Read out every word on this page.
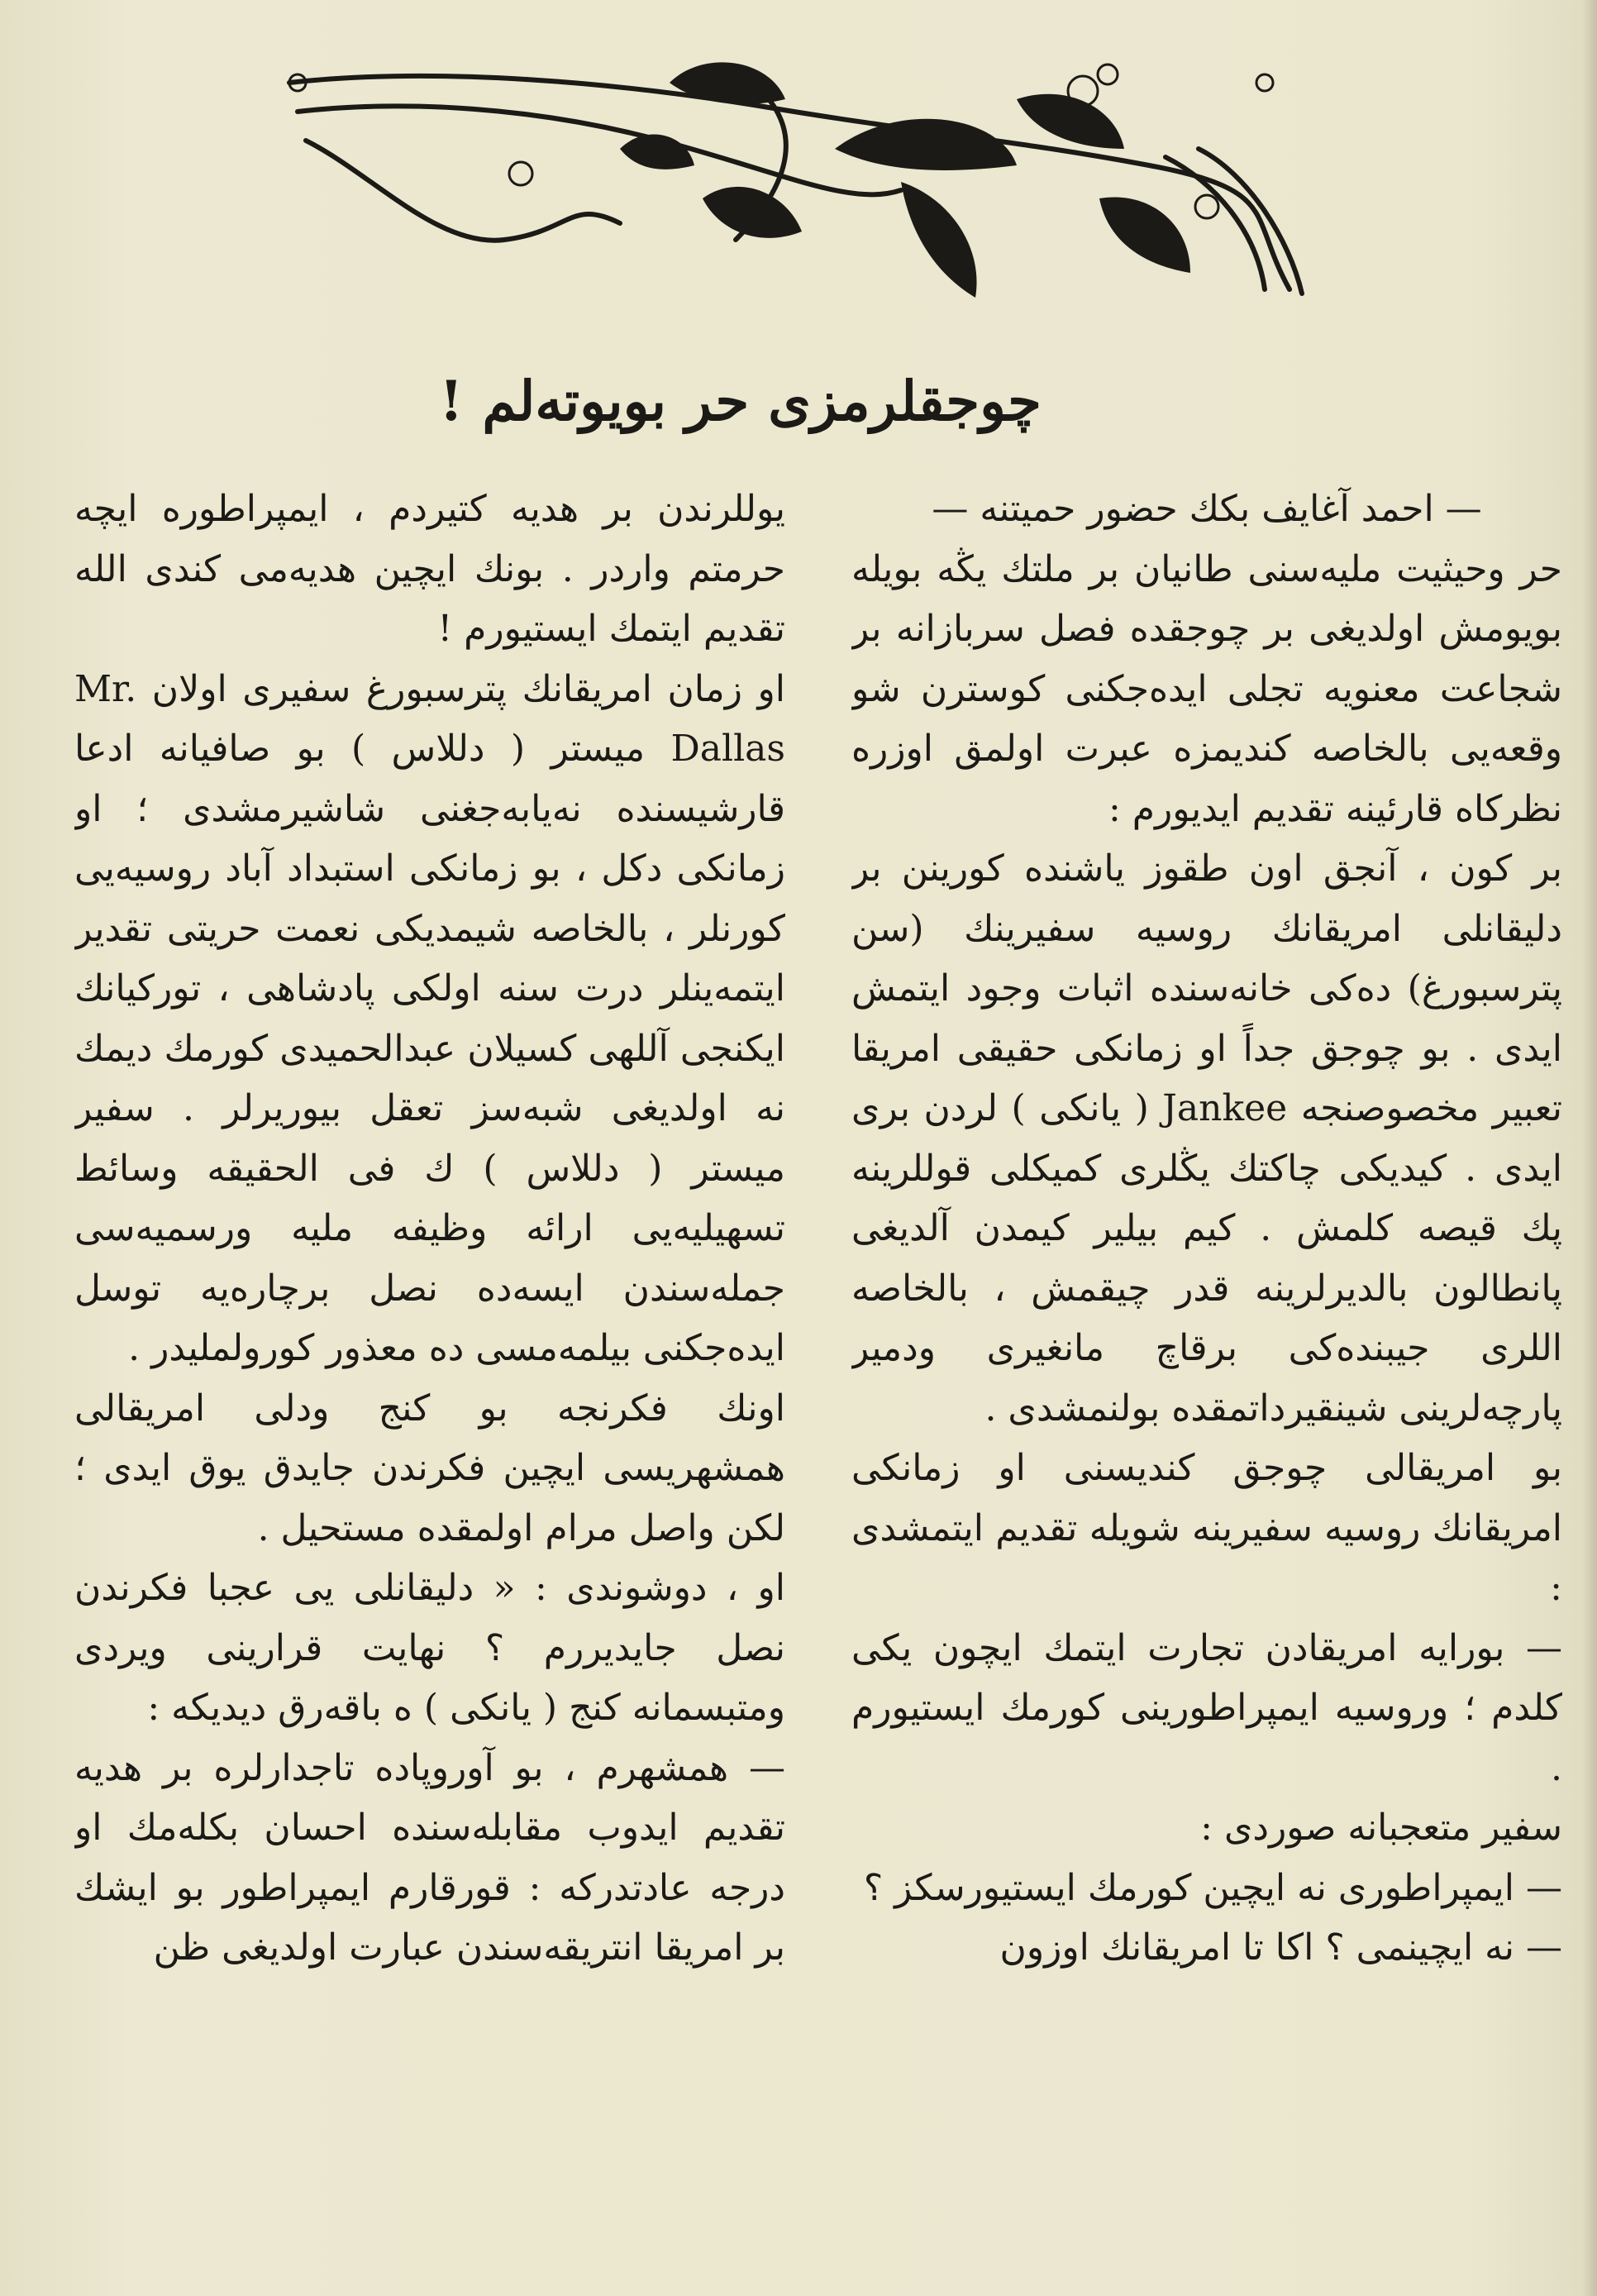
چوجقلرمزى حر بويوته‌لم !

— احمد آغايف بكك حضور حميتنه —

حر وحيثيت مليه‌سنى طانيان بر ملتك يڭه بويله بويومش اولديغى بر چوجقده فصل سربازانه بر شجاعت معنويه تجلى ايده‌جكنى كوسترن شو وقعه‌يى بالخاصه كنديمزه عبرت اولمق اوزره نظركاه قارئينه تقديم ايديورم :

بر كون ، آنجق اون طقوز ياشنده كورينن بر دليقانلى امريقانك روسيه سفيرينك (سن پترسبورغ) ده‌كى خانه‌سنده اثبات وجود ايتمش ايدى . بو چوجق جداً او زمانكى حقيقى امريقا تعبير مخصوصنجه Jankee ( يانكى ) لردن برى ايدى . كيديكى چاكتك يڭلرى كميكلى قوللرينه پك قيصه كلمش . كيم بيلير كيمدن آلديغى پانطالون بالديرلرينه قدر چيقمش ، بالخاصه اللرى جيبنده‌كى برقاچ مانغيرى ودمير پارچه‌لرينى شينقيرداتمقده بولنمشدى .

بو امريقالى چوجق كنديسنى او زمانكى امريقانك روسيه سفيرينه شويله تقديم ايتمشدى :

— بورايه امريقادن تجارت ايتمك ايچون يكى كلدم ؛ وروسيه ايمپراطورينى كورمك ايستيورم .

سفير متعجبانه صوردى :

— ايمپراطورى نه ايچين كورمك ايستيورسكز ؟

— نه ايچينمى ؟ اكا تا امريقانك اوزون

يوللرندن بر هديه كتيردم ، ايمپراطوره ايچه حرمتم واردر . بونك ايچين هديه‌مى كندى الله تقديم ايتمك ايستيورم !

او زمان امريقانك پترسبورغ سفيرى اولان Mr. Dallas ميستر ( دللاس ) بو صافيانه ادعا قارشيسنده نه‌يابه‌جغنى شاشيرمشدى ؛ او زمانكى دكل ، بو زمانكى استبداد آباد روسيه‌يى كورنلر ، بالخاصه شيمديكى نعمت حريتى تقدير ايتمه‌ينلر درت سنه اولكى پادشاهى ، توركيانك ايكنجى آللهى كسيلان عبدالحميدى كورمك ديمك نه اولديغى شبه‌سز تعقل بيوريرلر . سفير ميستر ( دللاس ) ك فى الحقيقه وسائط تسهيليه‌يى ارائه وظيفه مليه ورسميه‌سى جمله‌سندن ايسه‌ده نصل برچاره‌يه توسل ايده‌جكنى بيلمه‌مسى ده معذور كورولمليدر .

اونك فكرنجه بو كنج ودلى امريقالى همشهريسى ايچين فكرندن جايدق يوق ايدى ؛ لكن واصل مرام اولمقده مستحيل .

او ، دوشوندى : « دليقانلى يى عجبا فكرندن نصل جايديررم ؟ نهايت قرارينى ويردى ومتبسمانه كنج ( يانكى ) ه باقه‌رق ديديكه :

— همشهرم ، بو آوروپاده تاجدارلره بر هديه تقديم ايدوب مقابله‌سنده احسان بكله‌مك او درجه عادتدركه : قورقارم ايمپراطور بو ايشك بر امريقا انتريقه‌سندن عبارت اولديغى ظن
